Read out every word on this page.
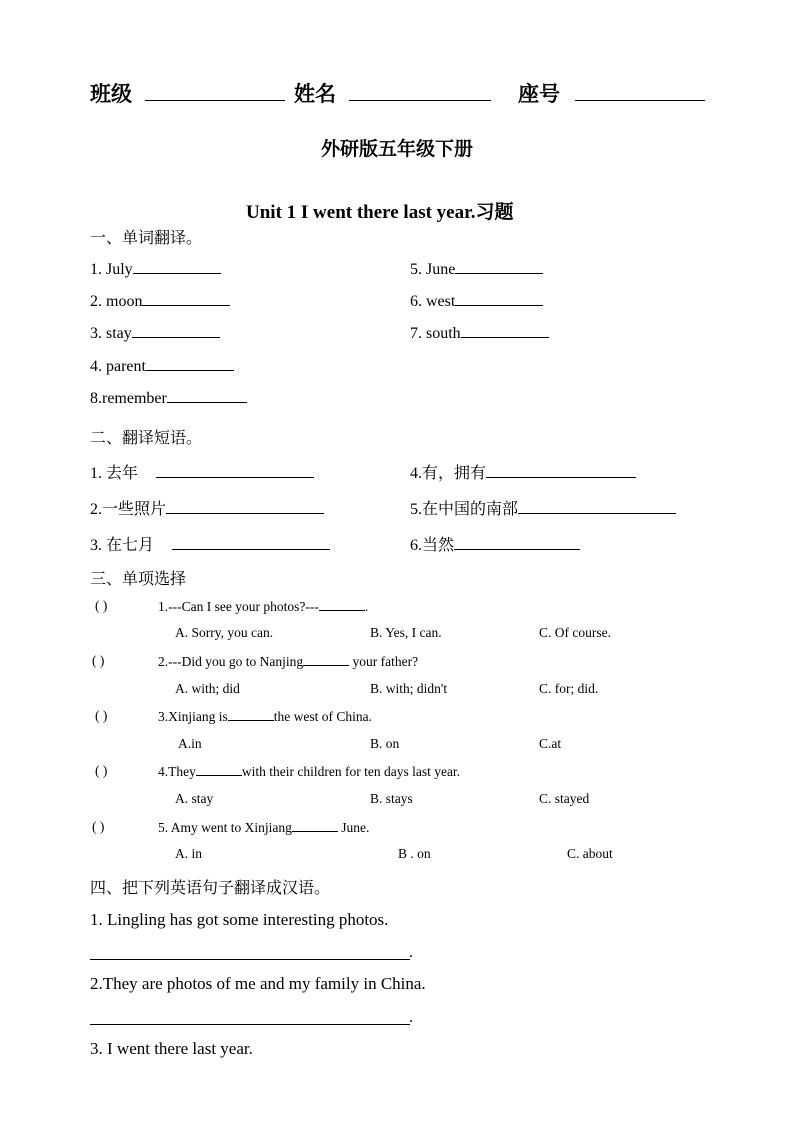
班级	姓名	座号
外研版五年级下册
Unit 1 I went there last year.习题
一、单词翻译。
1. July
2. moon
3. stay
4. parent
8.remember
5. June
6. west
7. south
二、翻译短语。
1. 去年
2.一些照片
3. 在七月
4.有，拥有
5.在中国的南部
6.当然
三、单项选择
( )	1.---Can I see your photos?---	.
A. Sorry, you can.	B. Yes, I can.	C. Of course.
( )	2.---Did you go to Nanjing	your father?
A. with; did	B. with; didn't	C. for; did.
( )	3.Xinjiang is	the west of China.
A.in	B. on	C.at
( )	4.They	with their children for ten days last year.
A. stay	B. stays	C. stayed
( )	5. Amy went to Xinjiang	June.
A. in	B . on	C. about
四、把下列英语句子翻译成汉语。
1. Lingling has got some interesting photos.
.
2.They are photos of me and my family in China.
.
3. I went there last year.
